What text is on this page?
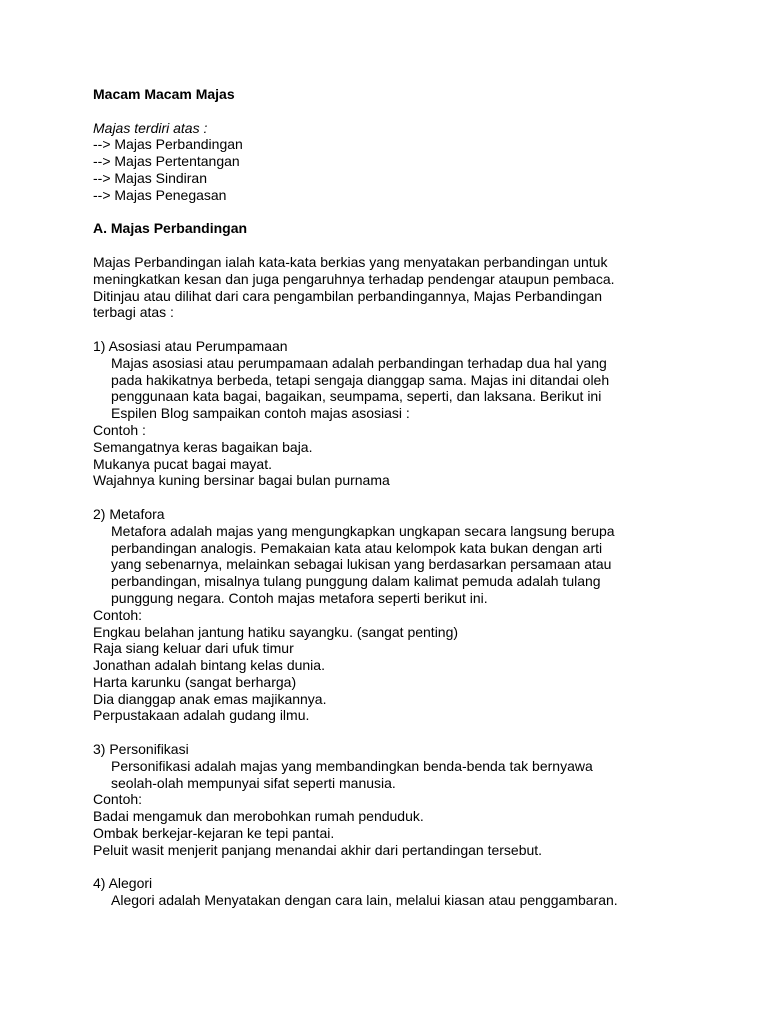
Macam Macam Majas
Majas terdiri atas :
--> Majas Perbandingan
--> Majas Pertentangan
--> Majas Sindiran
--> Majas Penegasan
A. Majas Perbandingan
Majas Perbandingan ialah kata-kata berkias yang menyatakan perbandingan untuk
meningkatkan kesan dan juga pengaruhnya terhadap pendengar ataupun pembaca.
Ditinjau atau dilihat dari cara pengambilan perbandingannya, Majas Perbandingan
terbagi atas :
1) Asosiasi atau Perumpamaan
Majas asosiasi atau perumpamaan adalah perbandingan terhadap dua hal yang
pada hakikatnya berbeda, tetapi sengaja dianggap sama. Majas ini ditandai oleh
penggunaan kata bagai, bagaikan, seumpama, seperti, dan laksana. Berikut ini
Espilen Blog sampaikan contoh majas asosiasi :
Contoh :
Semangatnya keras bagaikan baja.
Mukanya pucat bagai mayat.
Wajahnya kuning bersinar bagai bulan purnama
2) Metafora
Metafora adalah majas yang mengungkapkan ungkapan secara langsung berupa
perbandingan analogis. Pemakaian kata atau kelompok kata bukan dengan arti
yang sebenarnya, melainkan sebagai lukisan yang berdasarkan persamaan atau
perbandingan, misalnya tulang punggung dalam kalimat pemuda adalah tulang
punggung negara. Contoh majas metafora seperti berikut ini.
Contoh:
Engkau belahan jantung hatiku sayangku. (sangat penting)
Raja siang keluar dari ufuk timur
Jonathan adalah bintang kelas dunia.
Harta karunku (sangat berharga)
Dia dianggap anak emas majikannya.
Perpustakaan adalah gudang ilmu.
3) Personifikasi
Personifikasi adalah majas yang membandingkan benda-benda tak bernyawa
seolah-olah mempunyai sifat seperti manusia.
Contoh:
Badai mengamuk dan merobohkan rumah penduduk.
Ombak berkejar-kejaran ke tepi pantai.
Peluit wasit menjerit panjang menandai akhir dari pertandingan tersebut.
4) Alegori
Alegori adalah Menyatakan dengan cara lain, melalui kiasan atau penggambaran.
